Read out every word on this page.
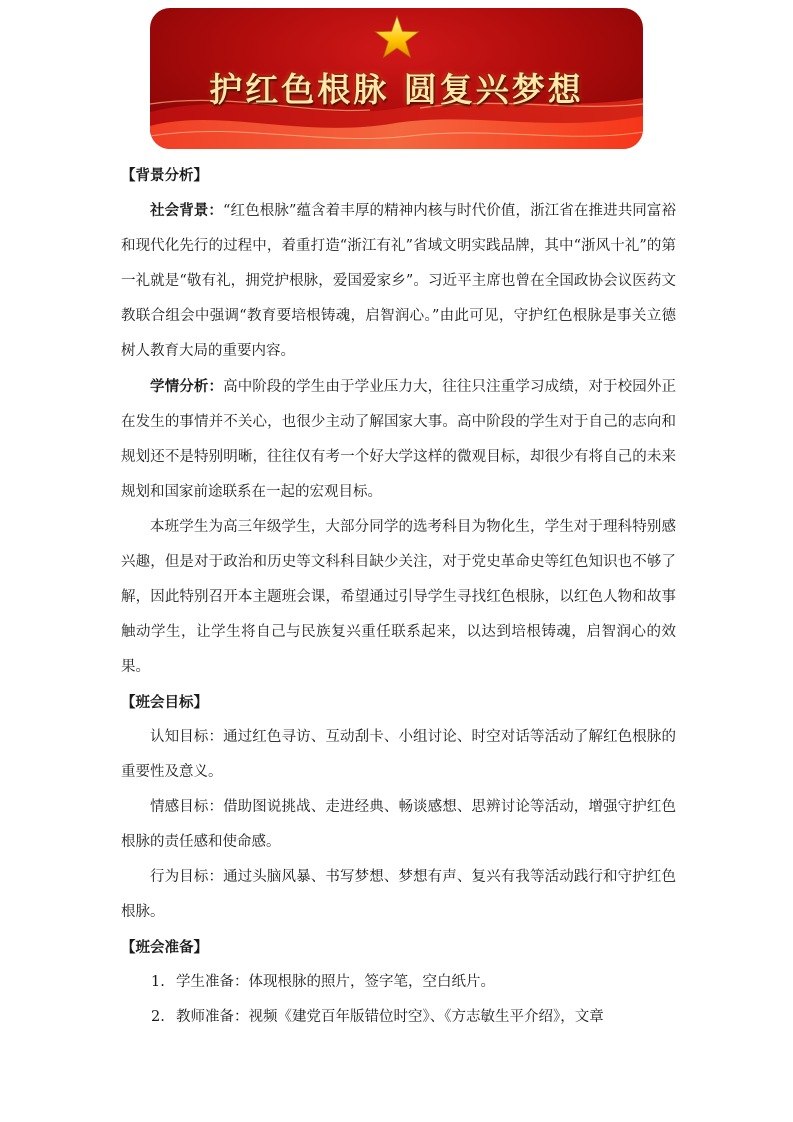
护红色根脉 圆复兴梦想

【背景分析】

社会背景：“红色根脉”蕴含着丰厚的精神内核与时代价值，浙江省在推进共同富裕和现代化先行的过程中，着重打造“浙江有礼”省域文明实践品牌，其中“浙风十礼”的第一礼就是“敬有礼，拥党护根脉，爱国爱家乡”。习近平主席也曾在全国政协会议医药文教联合组会中强调“教育要培根铸魂，启智润心。”由此可见，守护红色根脉是事关立德树人教育大局的重要内容。

学情分析：高中阶段的学生由于学业压力大，往往只注重学习成绩，对于校园外正在发生的事情并不关心，也很少主动了解国家大事。高中阶段的学生对于自己的志向和规划还不是特别明晰，往往仅有考一个好大学这样的微观目标，却很少有将自己的未来规划和国家前途联系在一起的宏观目标。

本班学生为高三年级学生，大部分同学的选考科目为物化生，学生对于理科特别感兴趣，但是对于政治和历史等文科科目缺少关注，对于党史革命史等红色知识也不够了解，因此特别召开本主题班会课，希望通过引导学生寻找红色根脉，以红色人物和故事触动学生，让学生将自己与民族复兴重任联系起来，以达到培根铸魂，启智润心的效果。

【班会目标】

认知目标：通过红色寻访、互动刮卡、小组讨论、时空对话等活动了解红色根脉的重要性及意义。

情感目标：借助图说挑战、走进经典、畅谈感想、思辨讨论等活动，增强守护红色根脉的责任感和使命感。

行为目标：通过头脑风暴、书写梦想、梦想有声、复兴有我等活动践行和守护红色根脉。

【班会准备】

1. 学生准备：体现根脉的照片，签字笔，空白纸片。

2. 教师准备：视频《建党百年版错位时空》、《方志敏生平介绍》，文章
